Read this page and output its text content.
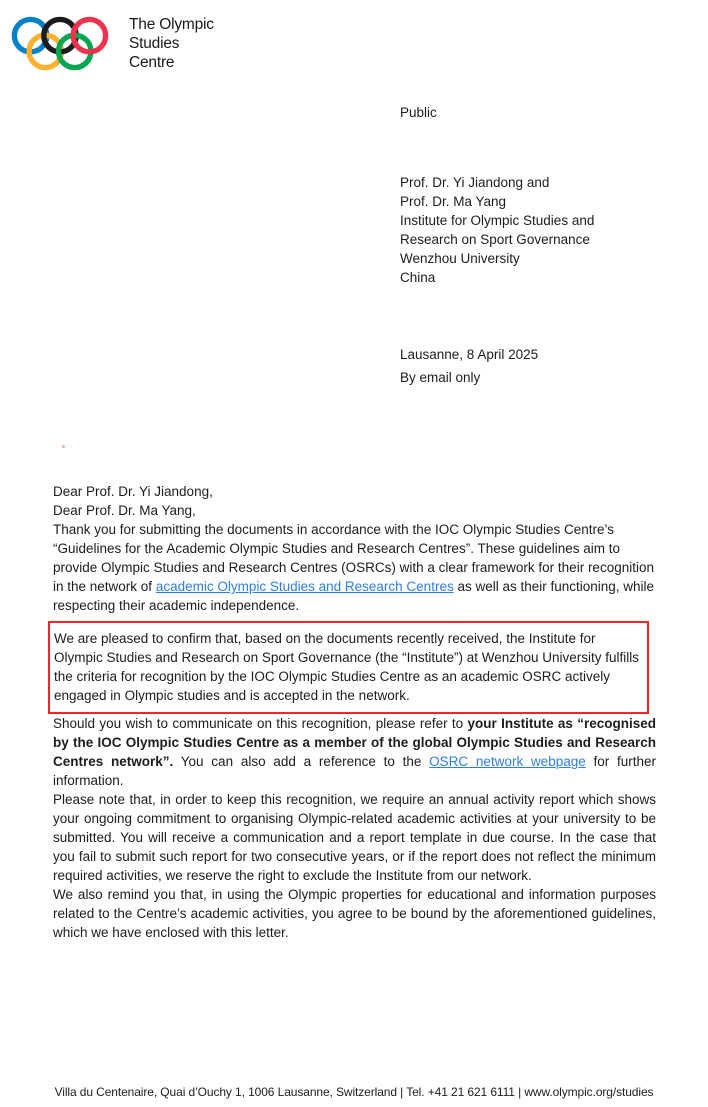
The Olympic
Studies
Centre
Public
Prof. Dr. Yi Jiandong and
Prof. Dr. Ma Yang
Institute for Olympic Studies and
Research on Sport Governance
Wenzhou University
China
Lausanne, 8 April 2025
By email only
Dear Prof. Dr. Yi Jiandong,
Dear Prof. Dr. Ma Yang,

Thank you for submitting the documents in accordance with the IOC Olympic Studies Centre’s “Guidelines for the Academic Olympic Studies and Research Centres”. These guidelines aim to provide Olympic Studies and Research Centres (OSRCs) with a clear framework for their recognition in the network of academic Olympic Studies and Research Centres as well as their functioning, while respecting their academic independence.

We are pleased to confirm that, based on the documents recently received, the Institute for Olympic Studies and Research on Sport Governance (the “Institute”) at Wenzhou University fulfills the criteria for recognition by the IOC Olympic Studies Centre as an academic OSRC actively engaged in Olympic studies and is accepted in the network.

Should you wish to communicate on this recognition, please refer to your Institute as “recognised by the IOC Olympic Studies Centre as a member of the global Olympic Studies and Research Centres network”. You can also add a reference to the OSRC network webpage for further information.

Please note that, in order to keep this recognition, we require an annual activity report which shows your ongoing commitment to organising Olympic-related academic activities at your university to be submitted. You will receive a communication and a report template in due course. In the case that you fail to submit such report for two consecutive years, or if the report does not reflect the minimum required activities, we reserve the right to exclude the Institute from our network.

We also remind you that, in using the Olympic properties for educational and information purposes related to the Centre’s academic activities, you agree to be bound by the aforementioned guidelines, which we have enclosed with this letter.

Villa du Centenaire, Quai d’Ouchy 1, 1006 Lausanne, Switzerland | Tel. +41 21 621 6111 | www.olympic.org/studies
